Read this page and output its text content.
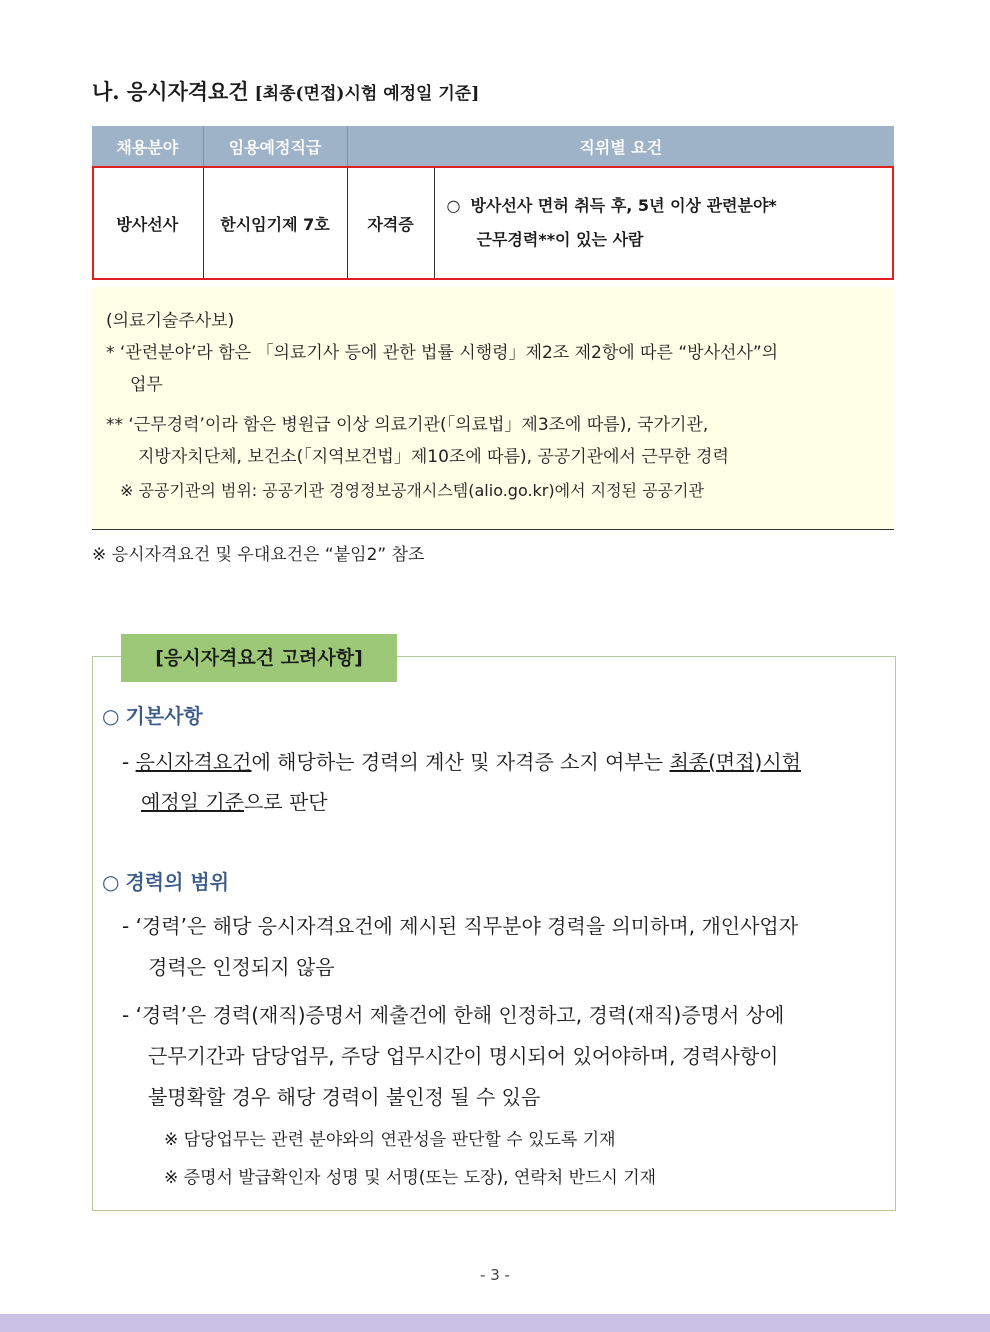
나. 응시자격요건 [최종(면접)시험 예정일 기준]
채용분야	임용예정직급	직위별 요건	
방사선사	한시임기제 7호	자격증	○ 방사선사 면허 취득 후, 5년 이상 관련분야*
근무경력**이 있는 사람
(의료기술주사보)
* ‘관련분야’라 함은 「의료기사 등에 관한 법률 시행령」제2조 제2항에 따른 “방사선사”의
업무
** ‘근무경력’이라 함은 병원급 이상 의료기관(「의료법」제3조에 따름), 국가기관,
지방자치단체, 보건소(「지역보건법」제10조에 따름), 공공기관에서 근무한 경력
※ 공공기관의 범위: 공공기관 경영정보공개시스템(alio.go.kr)에서 지정된 공공기관
※ 응시자격요건 및 우대요건은 “붙임2” 참조
[응시자격요건 고려사항]
○ 기본사항
- 응시자격요건에 해당하는 경력의 계산 및 자격증 소지 여부는 최종(면접)시험
예정일 기준으로 판단
○ 경력의 범위
- ‘경력’은 해당 응시자격요건에 제시된 직무분야 경력을 의미하며, 개인사업자
경력은 인정되지 않음
- ‘경력’은 경력(재직)증명서 제출건에 한해 인정하고, 경력(재직)증명서 상에
근무기간과 담당업무, 주당 업무시간이 명시되어 있어야하며, 경력사항이
불명확할 경우 해당 경력이 불인정 될 수 있음
※ 담당업무는 관련 분야와의 연관성을 판단할 수 있도록 기재
※ 증명서 발급확인자 성명 및 서명(또는 도장), 연락처 반드시 기재
- 3 -
